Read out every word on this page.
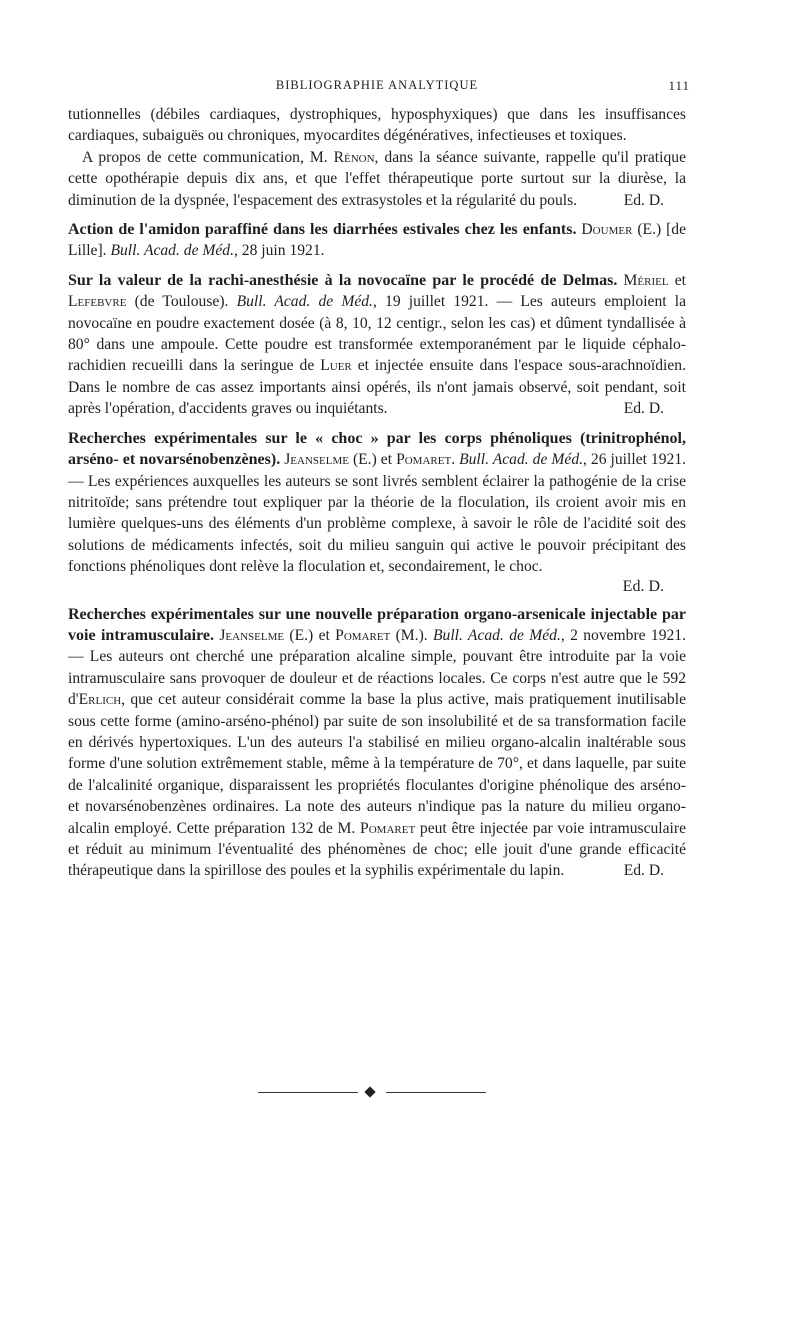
BIBLIOGRAPHIE ANALYTIQUE	111

tutionnelles (débiles cardiaques, dystrophiques, hyposphyxiques) que dans les insuffisances cardiaques, subaiguës ou chroniques, myocardites dégénératives, infectieuses et toxiques.

A propos de cette communication, M. Rénon, dans la séance suivante, rappelle qu'il pratique cette opothérapie depuis dix ans, et que l'effet thérapeutique porte surtout sur la diurèse, la diminution de la dyspnée, l'espacement des extrasystoles et la régularité du pouls.	Ed. D.

Action de l'amidon paraffiné dans les diarrhées estivales chez les enfants. Doumer (E.) [de Lille]. Bull. Acad. de Méd., 28 juin 1921.

Sur la valeur de la rachi-anesthésie à la novocaïne par le procédé de Delmas. Mériel et Lefebvre (de Toulouse). Bull. Acad. de Méd., 19 juillet 1921. — Les auteurs emploient la novocaïne en poudre exactement dosée (à 8, 10, 12 centigr., selon les cas) et dûment tyndallisée à 80° dans une ampoule. Cette poudre est transformée extemporanément par le liquide céphalo-rachidien recueilli dans la seringue de Luer et injectée ensuite dans l'espace sous-arachnoïdien. Dans le nombre de cas assez importants ainsi opérés, ils n'ont jamais observé, soit pendant, soit après l'opération, d'accidents graves ou inquiétants.	Ed. D.

Recherches expérimentales sur le « choc » par les corps phénoliques (trinitrophénol, arséno- et novarsénobenzènes). Jeanselme (E.) et Pomaret. Bull. Acad. de Méd., 26 juillet 1921. — Les expériences auxquelles les auteurs se sont livrés semblent éclairer la pathogénie de la crise nitritoïde; sans prétendre tout expliquer par la théorie de la floculation, ils croient avoir mis en lumière quelques-uns des éléments d'un problème complexe, à savoir le rôle de l'acidité soit des solutions de médicaments infectés, soit du milieu sanguin qui active le pouvoir précipitant des fonctions phénoliques dont relève la floculation et, secondairement, le choc.

Ed. D.

Recherches expérimentales sur une nouvelle préparation organo-arsenicale injectable par voie intramusculaire. Jeanselme (E.) et Pomaret (M.). Bull. Acad. de Méd., 2 novembre 1921. — Les auteurs ont cherché une préparation alcaline simple, pouvant être introduite par la voie intramusculaire sans provoquer de douleur et de réactions locales. Ce corps n'est autre que le 592 d'Erlich, que cet auteur considérait comme la base la plus active, mais pratiquement inutilisable sous cette forme (amino-arséno-phénol) par suite de son insolubilité et de sa transformation facile en dérivés hypertoxiques. L'un des auteurs l'a stabilisé en milieu organo-alcalin inaltérable sous forme d'une solution extrêmement stable, même à la température de 70°, et dans laquelle, par suite de l'alcalinité organique, disparaissent les propriétés floculantes d'origine phénolique des arséno- et novarsénobenzènes ordinaires. La note des auteurs n'indique pas la nature du milieu organo-alcalin employé. Cette préparation 132 de M. Pomaret peut être injectée par voie intramusculaire et réduit au minimum l'éventualité des phénomènes de choc; elle jouit d'une grande efficacité thérapeutique dans la spirillose des poules et la syphilis expérimentale du lapin.	Ed. D.
